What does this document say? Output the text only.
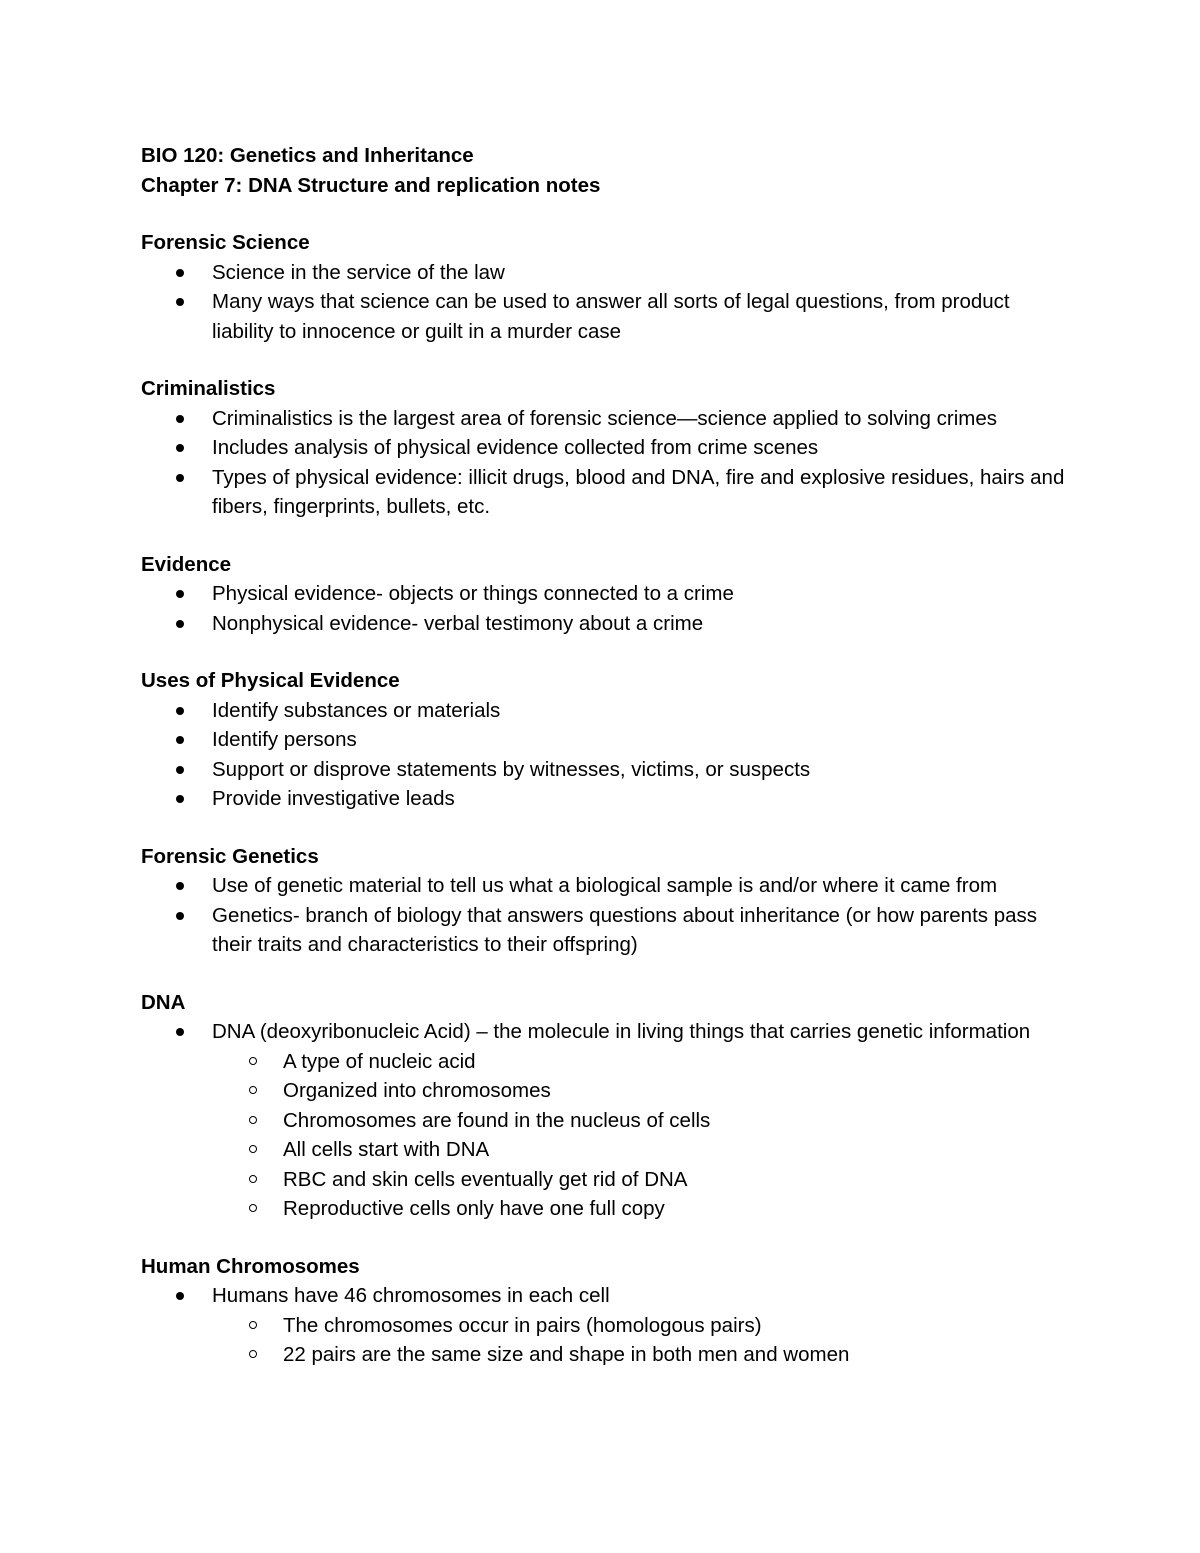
BIO 120: Genetics and Inheritance
Chapter 7: DNA Structure and replication notes
Forensic Science
Science in the service of the law
Many ways that science can be used to answer all sorts of legal questions, from product liability to innocence or guilt in a murder case
Criminalistics
Criminalistics is the largest area of forensic science—science applied to solving crimes
Includes analysis of physical evidence collected from crime scenes
Types of physical evidence: illicit drugs, blood and DNA, fire and explosive residues, hairs and fibers, fingerprints, bullets, etc.
Evidence
Physical evidence- objects or things connected to a crime
Nonphysical evidence- verbal testimony about a crime
Uses of Physical Evidence
Identify substances or materials
Identify persons
Support or disprove statements by witnesses, victims, or suspects
Provide investigative leads
Forensic Genetics
Use of genetic material to tell us what a biological sample is and/or where it came from
Genetics- branch of biology that answers questions about inheritance (or how parents pass their traits and characteristics to their offspring)
DNA
DNA (deoxyribonucleic Acid) – the molecule in living things that carries genetic information
A type of nucleic acid
Organized into chromosomes
Chromosomes are found in the nucleus of cells
All cells start with DNA
RBC and skin cells eventually get rid of DNA
Reproductive cells only have one full copy
Human Chromosomes
Humans have 46 chromosomes in each cell
The chromosomes occur in pairs (homologous pairs)
22 pairs are the same size and shape in both men and women
